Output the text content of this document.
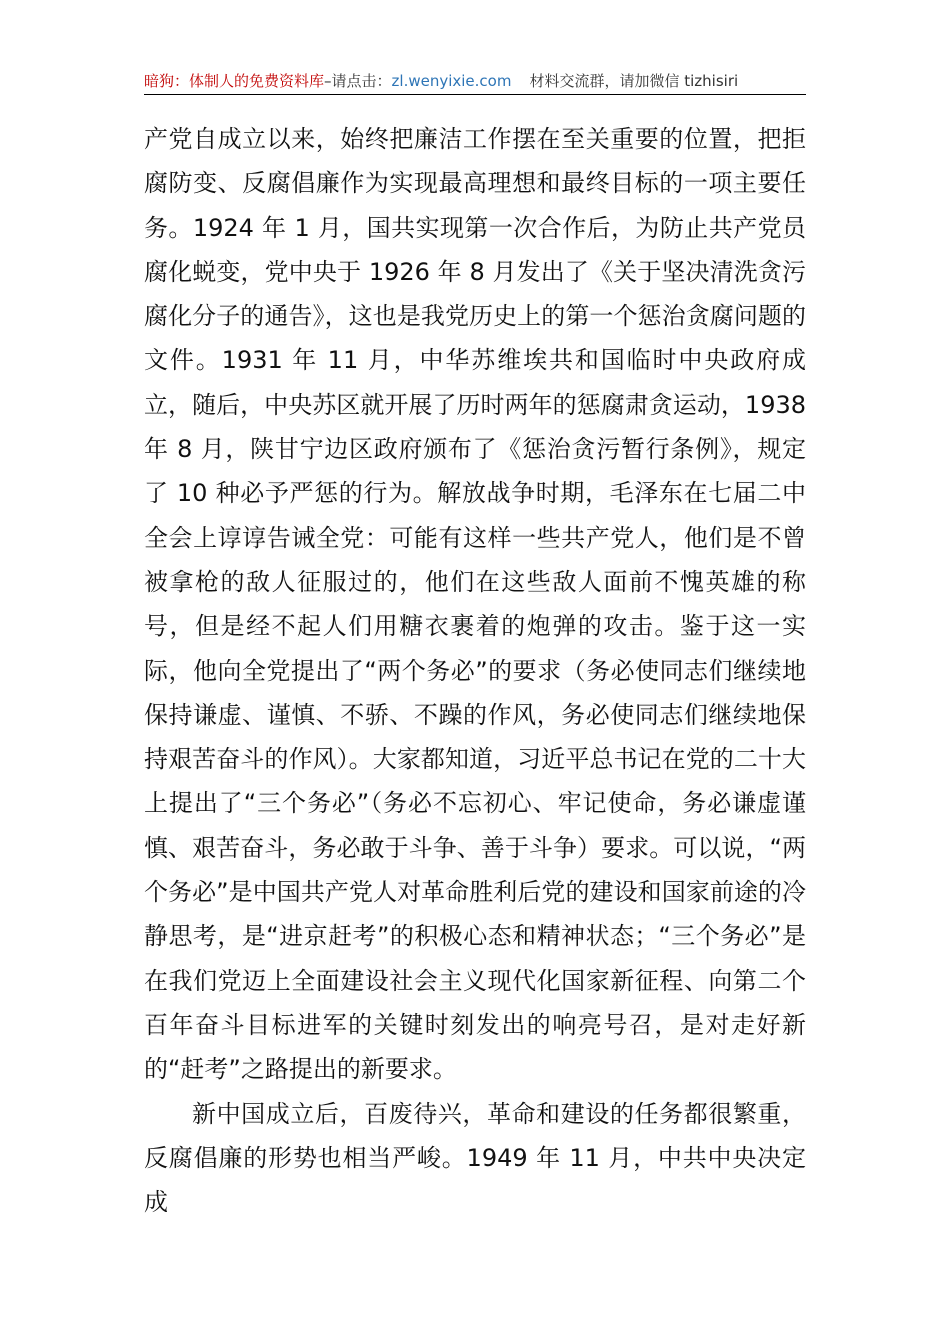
暗狗：体制人的免费资料库–请点击：zl.wenyixie.com 材料交流群，请加微信 tizhisiri

产党自成立以来，始终把廉洁工作摆在至关重要的位置，把拒腐防变、反腐倡廉作为实现最高理想和最终目标的一项主要任务。1924 年 1 月，国共实现第一次合作后，为防止共产党员腐化蜕变，党中央于 1926 年 8 月发出了《关于坚决清洗贪污腐化分子的通告》，这也是我党历史上的第一个惩治贪腐问题的文件。1931 年 11 月，中华苏维埃共和国临时中央政府成立，随后，中央苏区就开展了历时两年的惩腐肃贪运动，1938 年 8 月，陕甘宁边区政府颁布了《惩治贪污暂行条例》，规定了 10 种必予严惩的行为。解放战争时期，毛泽东在七届二中全会上谆谆告诫全党：可能有这样一些共产党人，他们是不曾被拿枪的敌人征服过的，他们在这些敌人面前不愧英雄的称号，但是经不起人们用糖衣裹着的炮弹的攻击。鉴于这一实际，他向全党提出了“两个务必”的要求（务必使同志们继续地保持谦虚、谨慎、不骄、不躁的作风，务必使同志们继续地保持艰苦奋斗的作风）。大家都知道，习近平总书记在党的二十大上提出了“三个务必”（务必不忘初心、牢记使命，务必谦虚谨慎、艰苦奋斗，务必敢于斗争、善于斗争）要求。可以说，“两个务必”是中国共产党人对革命胜利后党的建设和国家前途的冷静思考，是“进京赶考”的积极心态和精神状态；“三个务必”是在我们党迈上全面建设社会主义现代化国家新征程、向第二个百年奋斗目标进军的关键时刻发出的响亮号召，是对走好新的“赶考”之路提出的新要求。

新中国成立后，百废待兴，革命和建设的任务都很繁重，反腐倡廉的形势也相当严峻。1949 年 11 月，中共中央决定成
